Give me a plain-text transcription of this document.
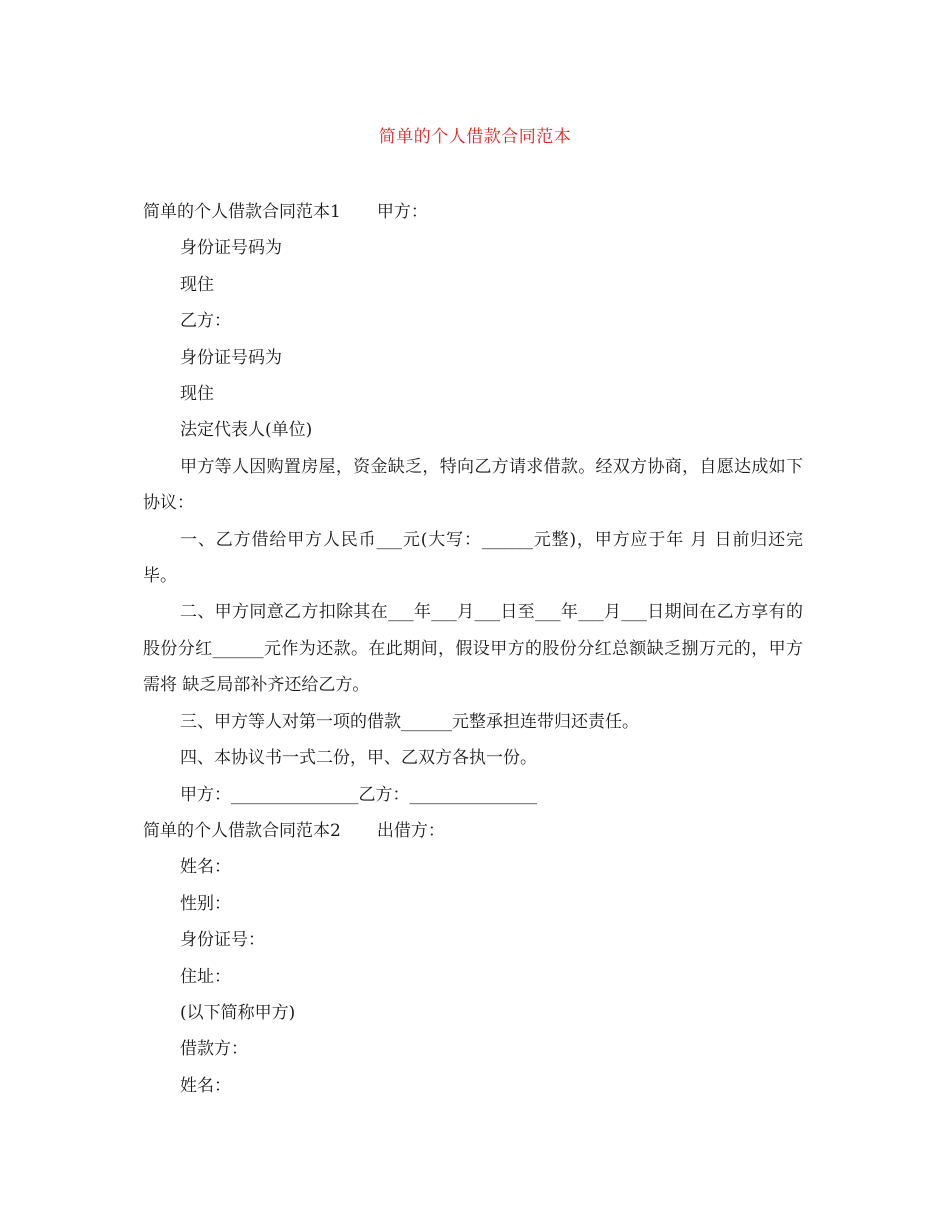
简单的个人借款合同范本

简单的个人借款合同范本1 甲方：

身份证号码为

现住

乙方：

身份证号码为

现住

法定代表人(单位)

甲方等人因购置房屋，资金缺乏，特向乙方请求借款。经双方协商，自愿达成如下协议：

一、乙方借给甲方人民币___元(大写：______元整)，甲方应于年 月 日前归还完毕。

二、甲方同意乙方扣除其在___年___月___日至___年___月___日期间在乙方享有的股份分红______元作为还款。在此期间，假设甲方的股份分红总额缺乏捌万元的，甲方需将 缺乏局部补齐还给乙方。

三、甲方等人对第一项的借款______元整承担连带归还责任。

四、本协议书一式二份，甲、乙双方各执一份。

甲方：_______________乙方：_______________

简单的个人借款合同范本2 出借方：

姓名：

性别：

身份证号：

住址：

(以下简称甲方)

借款方：

姓名：
